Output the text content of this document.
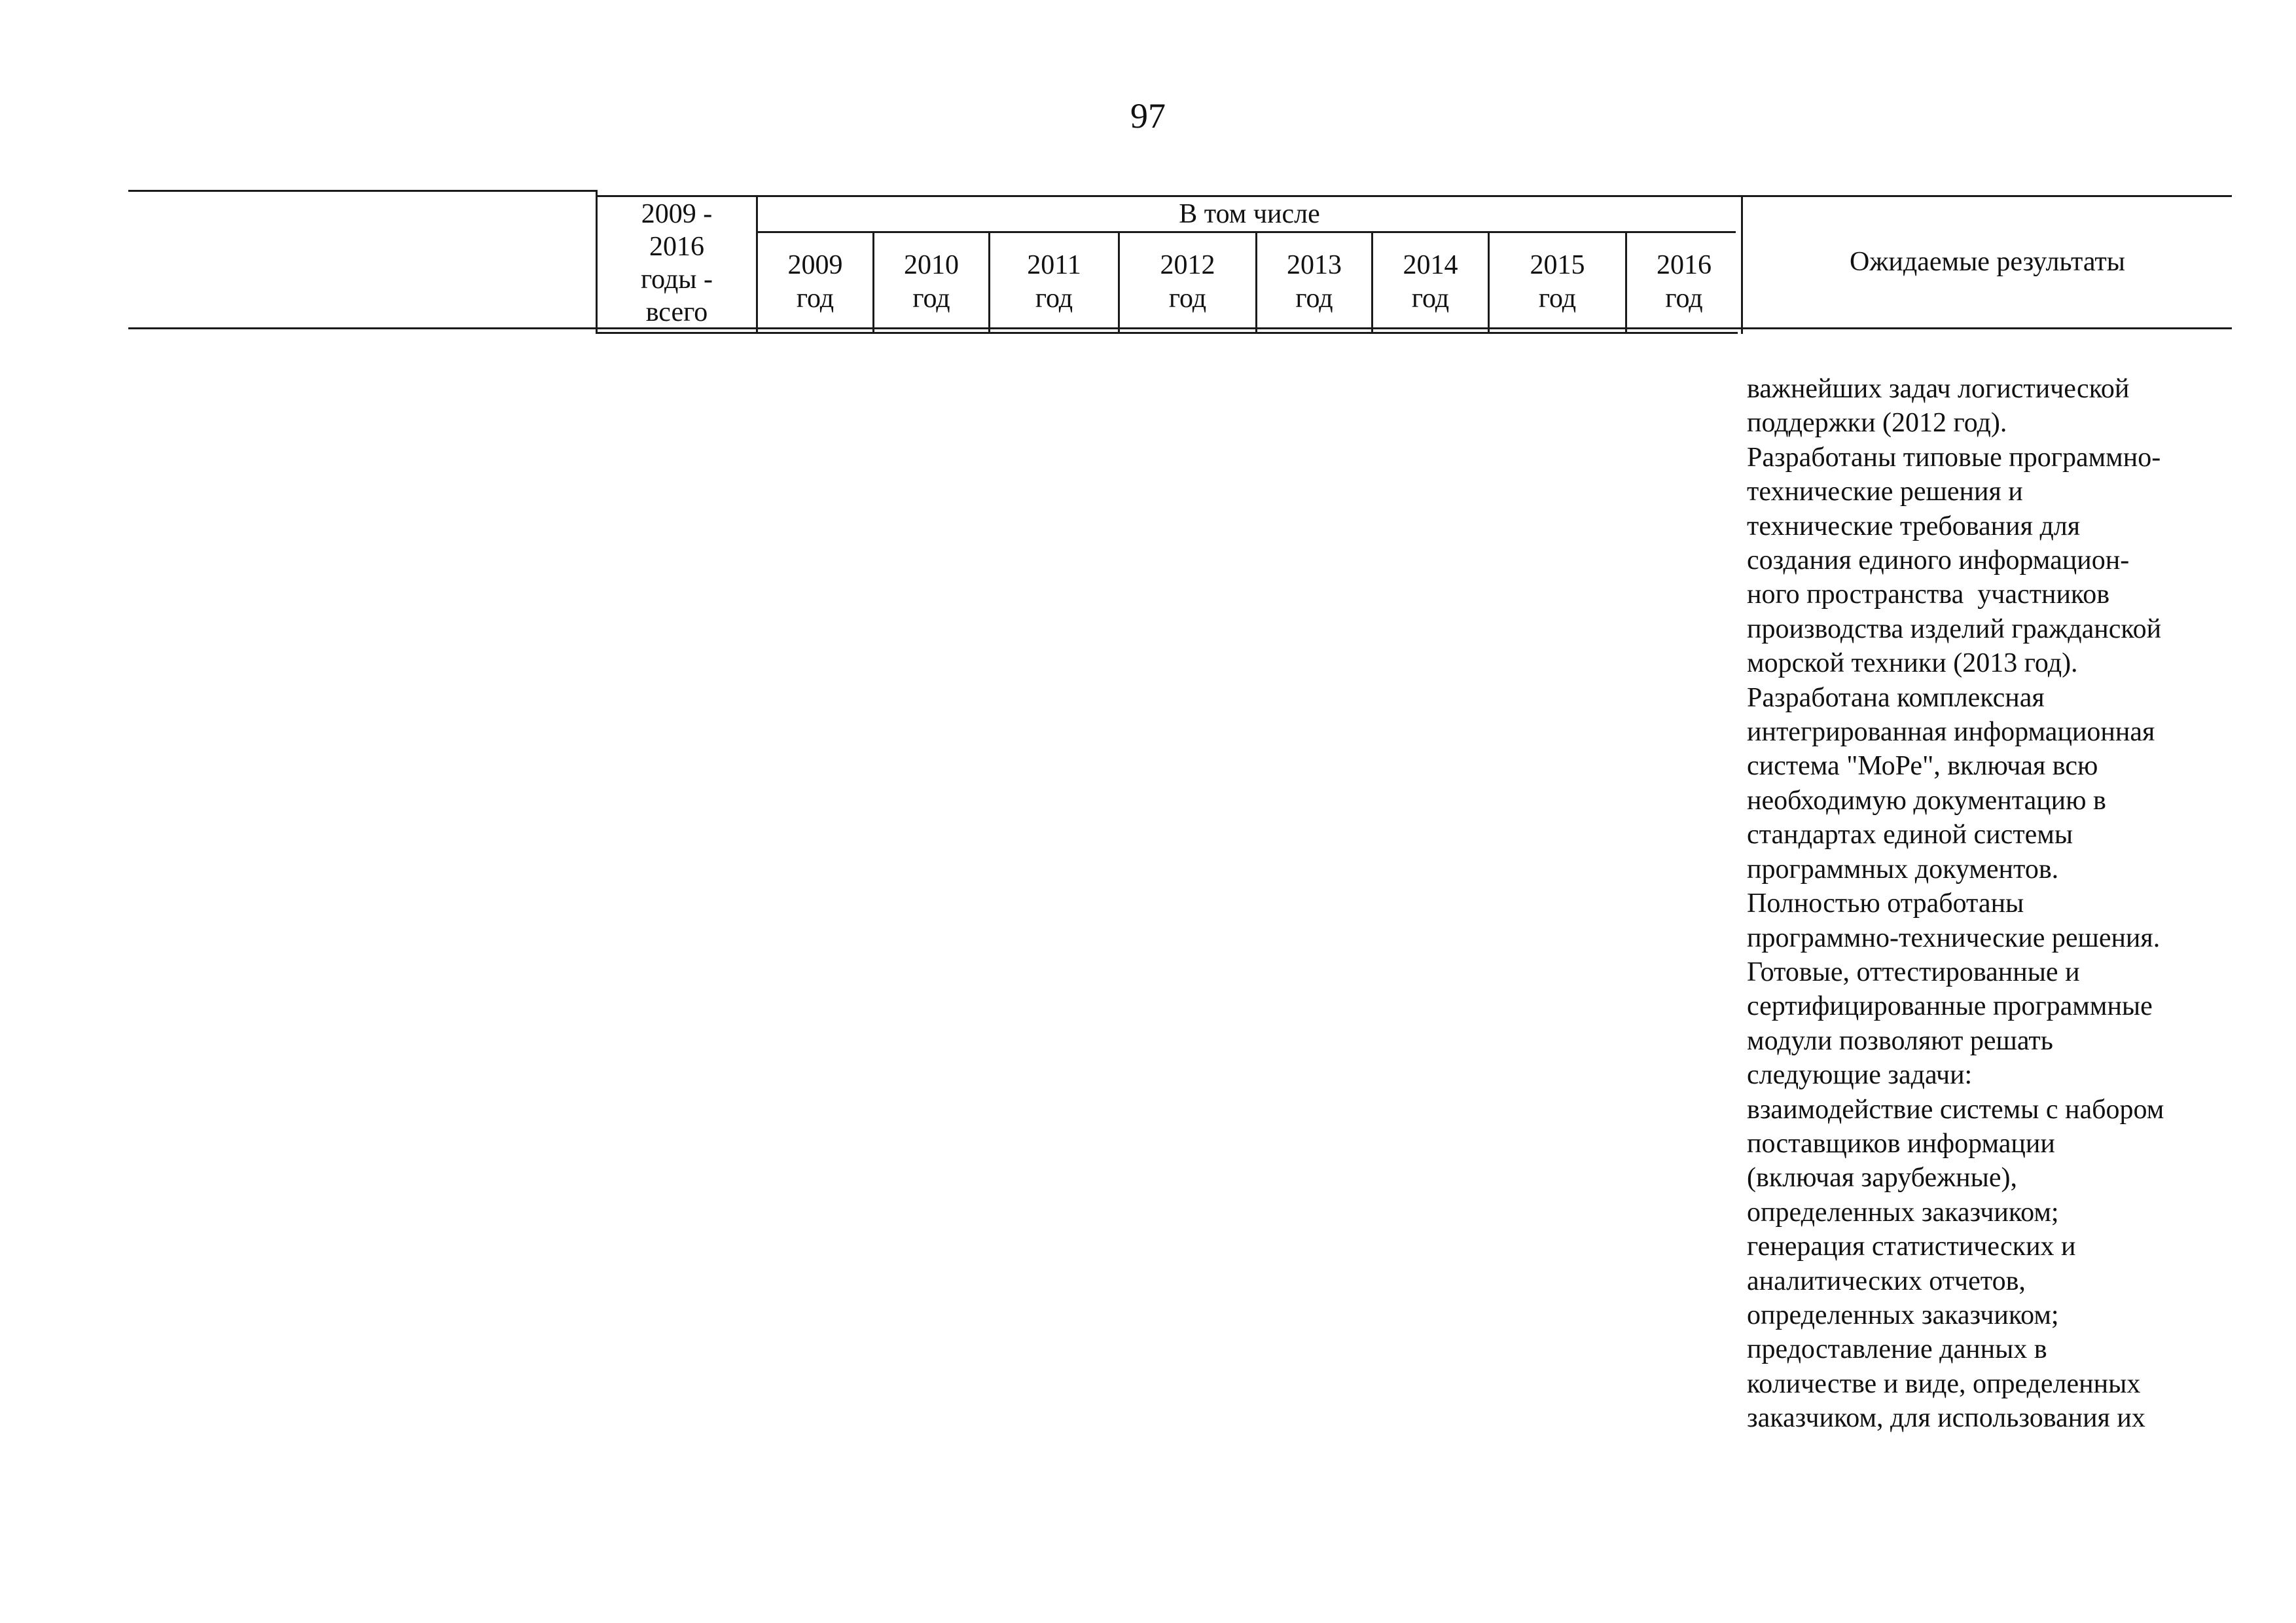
97
2009 -
2016
годы -
всего
В том числе
2009
год
2010
год
2011
год
2012
год
2013
год
2014
год
2015
год
2016
год
Ожидаемые результаты
важнейших задач логистической
поддержки (2012 год).
Разработаны типовые программно-
технические решения и
технические требования для
создания единого информацион-
ного пространства  участников
производства изделий гражданской
морской техники (2013 год).
Разработана комплексная
интегрированная информационная
система "МоРе", включая всю
необходимую документацию в
стандартах единой системы
программных документов.
Полностью отработаны
программно-технические решения.
Готовые, оттестированные и
сертифицированные программные
модули позволяют решать
следующие задачи:
взаимодействие системы с набором
поставщиков информации
(включая зарубежные),
определенных заказчиком;
генерация статистических и
аналитических отчетов,
определенных заказчиком;
предоставление данных в
количестве и виде, определенных
заказчиком, для использования их
